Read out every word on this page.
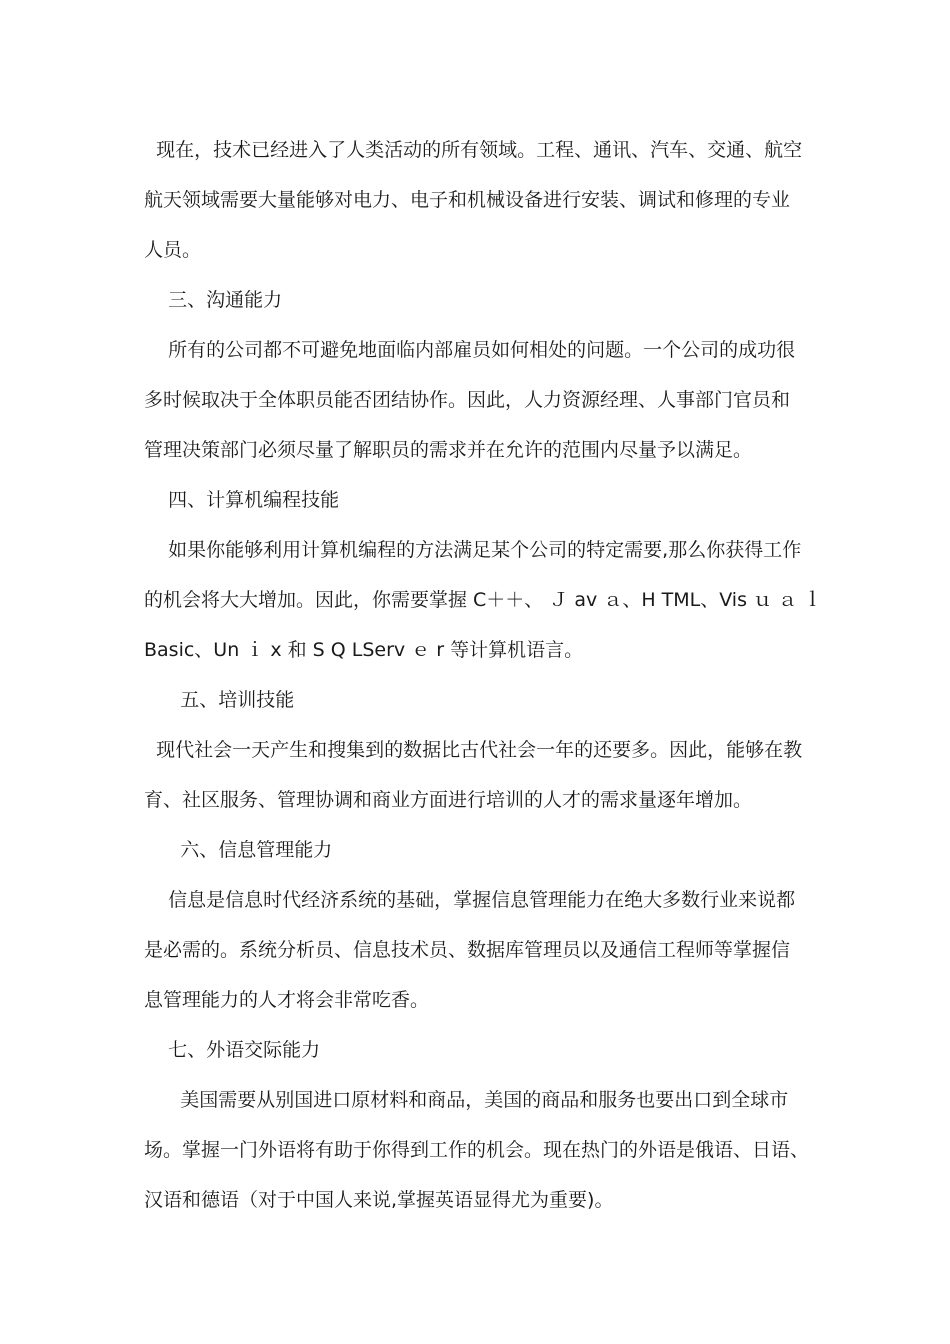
现在，技术已经进入了人类活动的所有领域。工程、通讯、汽车、交通、航空
航天领域需要大量能够对电力、电子和机械设备进行安装、调试和修理的专业
人员。
三、沟通能力
所有的公司都不可避免地面临内部雇员如何相处的问题。一个公司的成功很
多时候取决于全体职员能否团结协作。因此，人力资源经理、人事部门官员和
管理决策部门必须尽量了解职员的需求并在允许的范围内尽量予以满足。
四、计算机编程技能
如果你能够利用计算机编程的方法满足某个公司的特定需要,那么你获得工作
的机会将大大增加。因此，你需要掌握 C＋＋、 Ｊ av ａ、H TML、Vis ｕ ａ ｌ
Basic、Un ｉ x 和 S Q LServ ｅ r 等计算机语言。
五、培训技能
现代社会一天产生和搜集到的数据比古代社会一年的还要多。因此，能够在教
育、社区服务、管理协调和商业方面进行培训的人才的需求量逐年增加。
六、信息管理能力
信息是信息时代经济系统的基础，掌握信息管理能力在绝大多数行业来说都
是必需的。系统分析员、信息技术员、数据库管理员以及通信工程师等掌握信
息管理能力的人才将会非常吃香。
七、外语交际能力
美国需要从别国进口原材料和商品，美国的商品和服务也要出口到全球市
场。掌握一门外语将有助于你得到工作的机会。现在热门的外语是俄语、日语、
汉语和德语（对于中国人来说,掌握英语显得尤为重要)。
